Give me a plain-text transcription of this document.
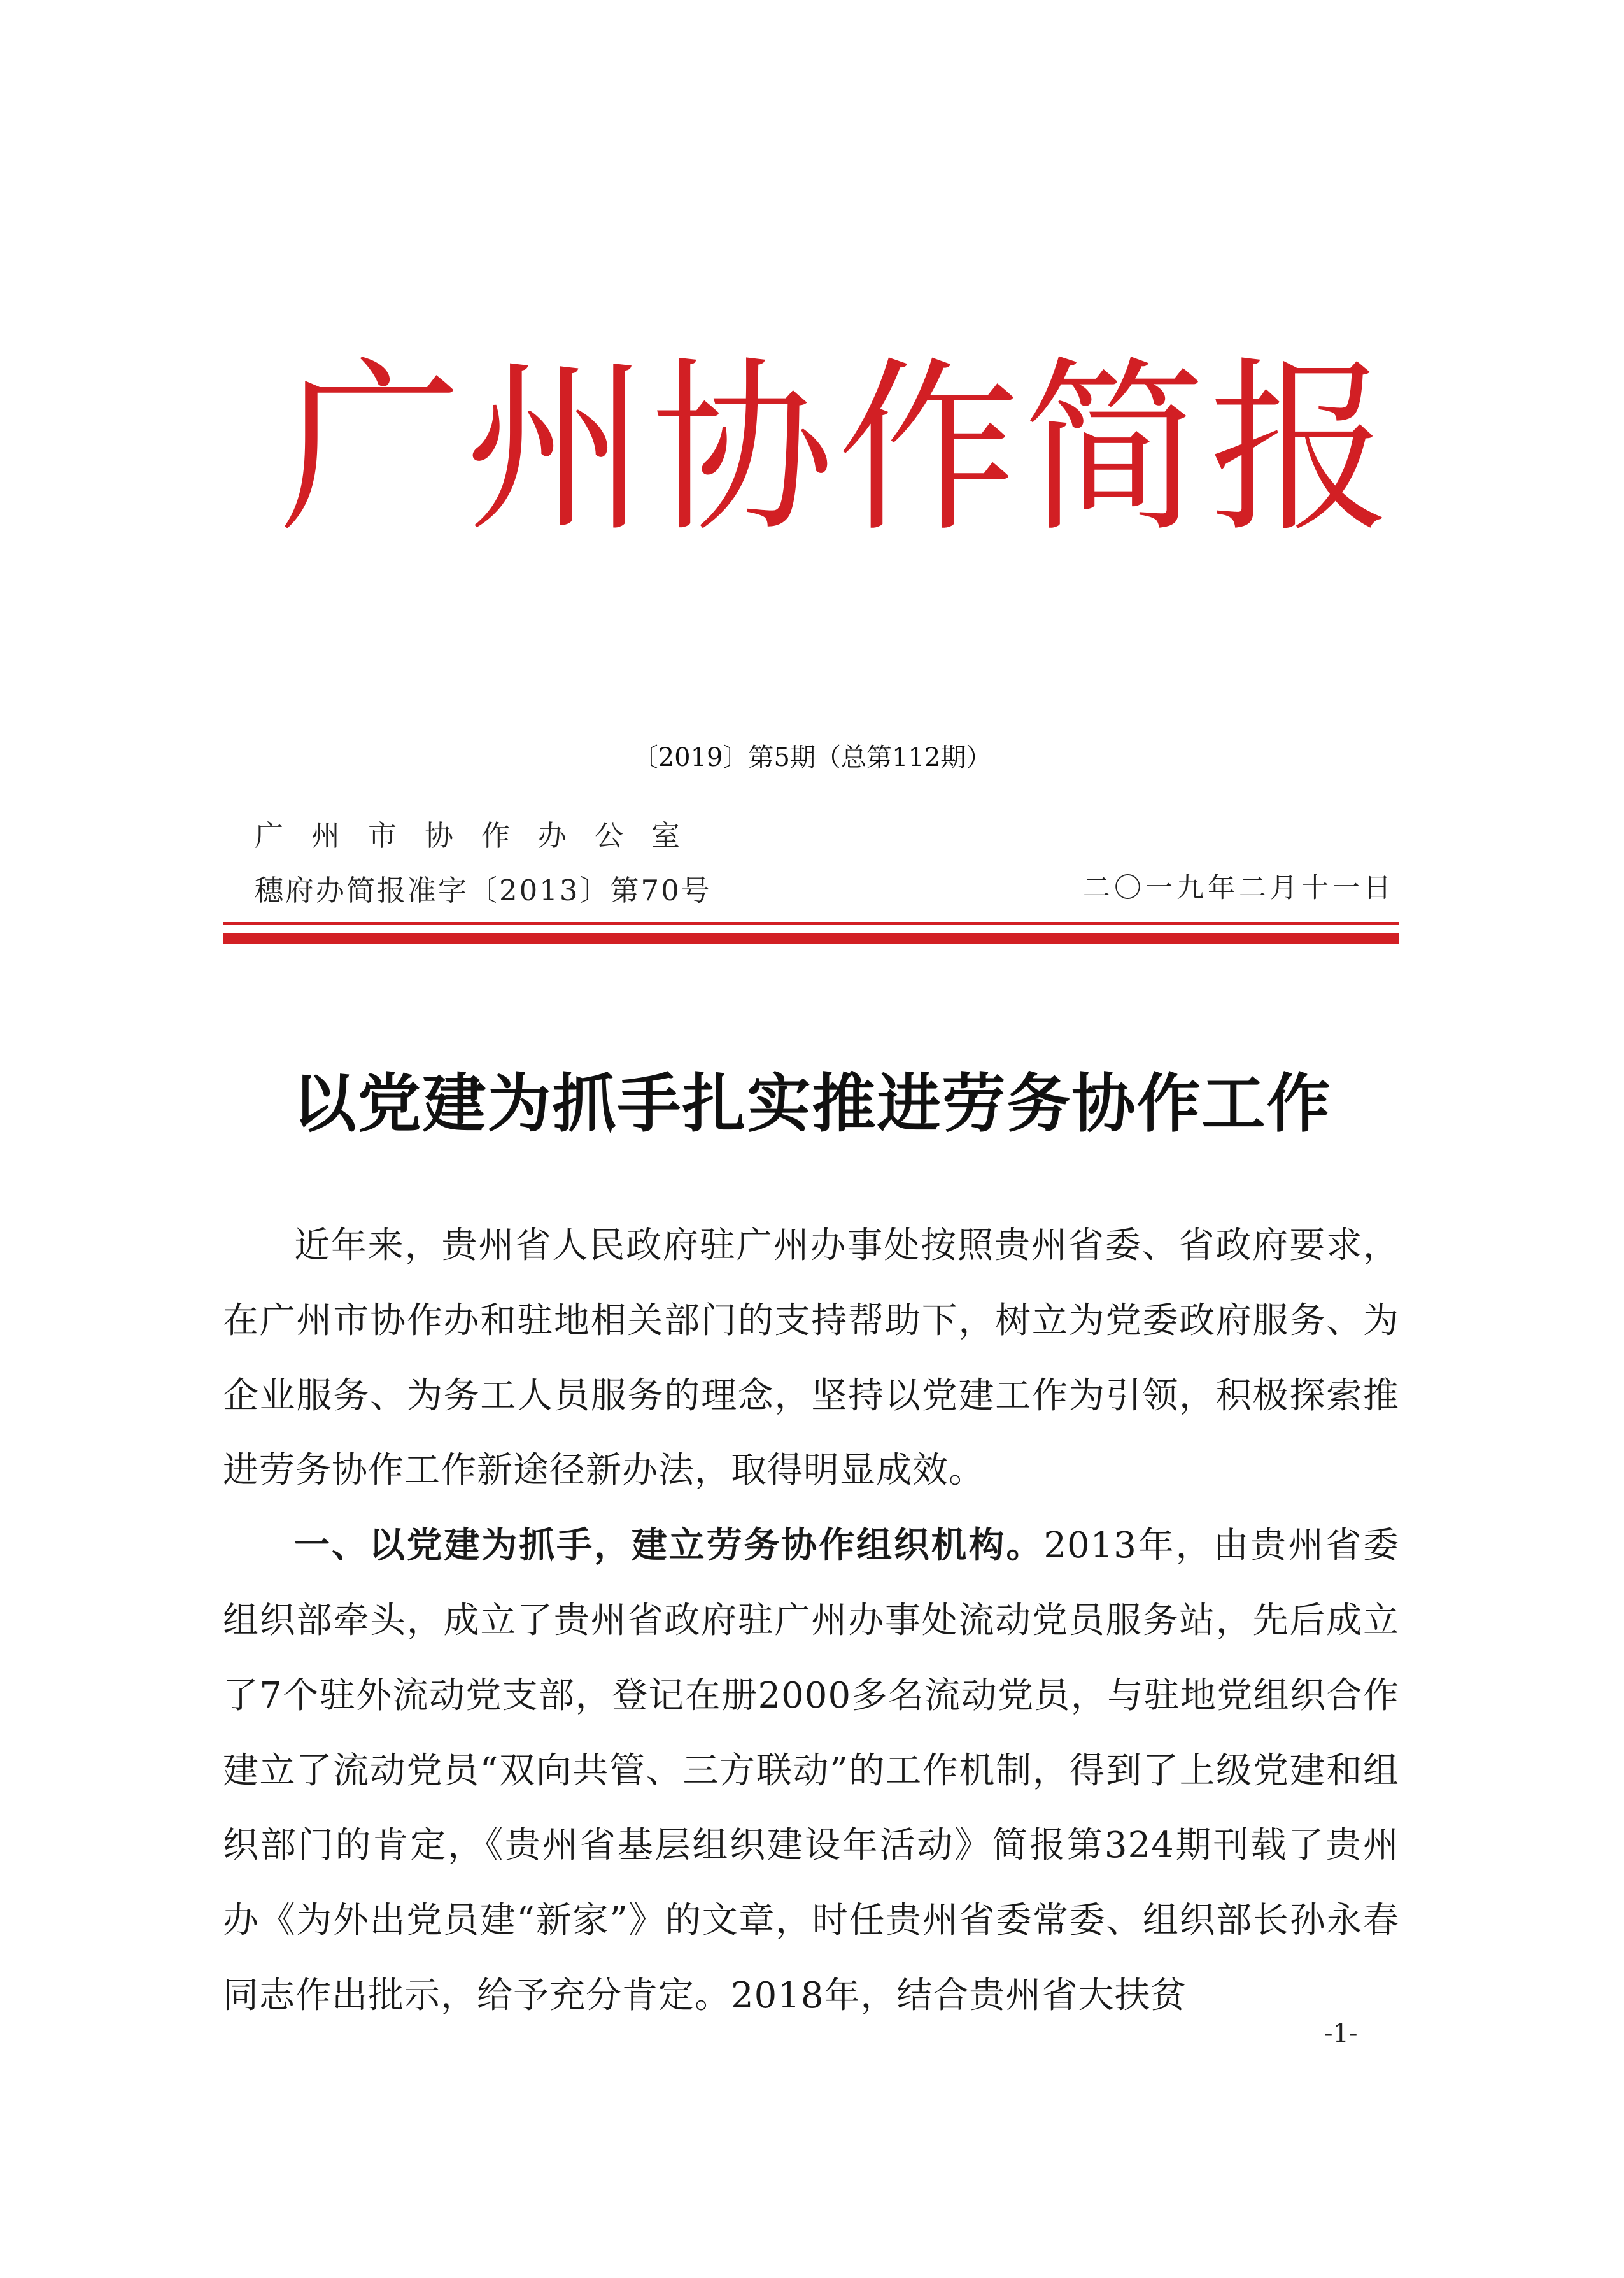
广州协作简报
〔2019〕第5期（总第112期）
广州市协作办公室
穗府办简报准字〔2013〕第70号	二〇一九年二月十一日
以党建为抓手扎实推进劳务协作工作

近年来，贵州省人民政府驻广州办事处按照贵州省委、省政府要求，在广州市协作办和驻地相关部门的支持帮助下，树立为党委政府服务、为企业服务、为务工人员服务的理念，坚持以党建工作为引领，积极探索推进劳务协作工作新途径新办法，取得明显成效。

一、以党建为抓手，建立劳务协作组织机构。2013年，由贵州省委组织部牵头，成立了贵州省政府驻广州办事处流动党员服务站，先后成立了7个驻外流动党支部，登记在册2000多名流动党员，与驻地党组织合作建立了流动党员“双向共管、三方联动”的工作机制，得到了上级党建和组织部门的肯定，《贵州省基层组织建设年活动》简报第324期刊载了贵州办《为外出党员建“新家”》的文章，时任贵州省委常委、组织部长孙永春同志作出批示，给予充分肯定。2018年，结合贵州省大扶贫

-1-
